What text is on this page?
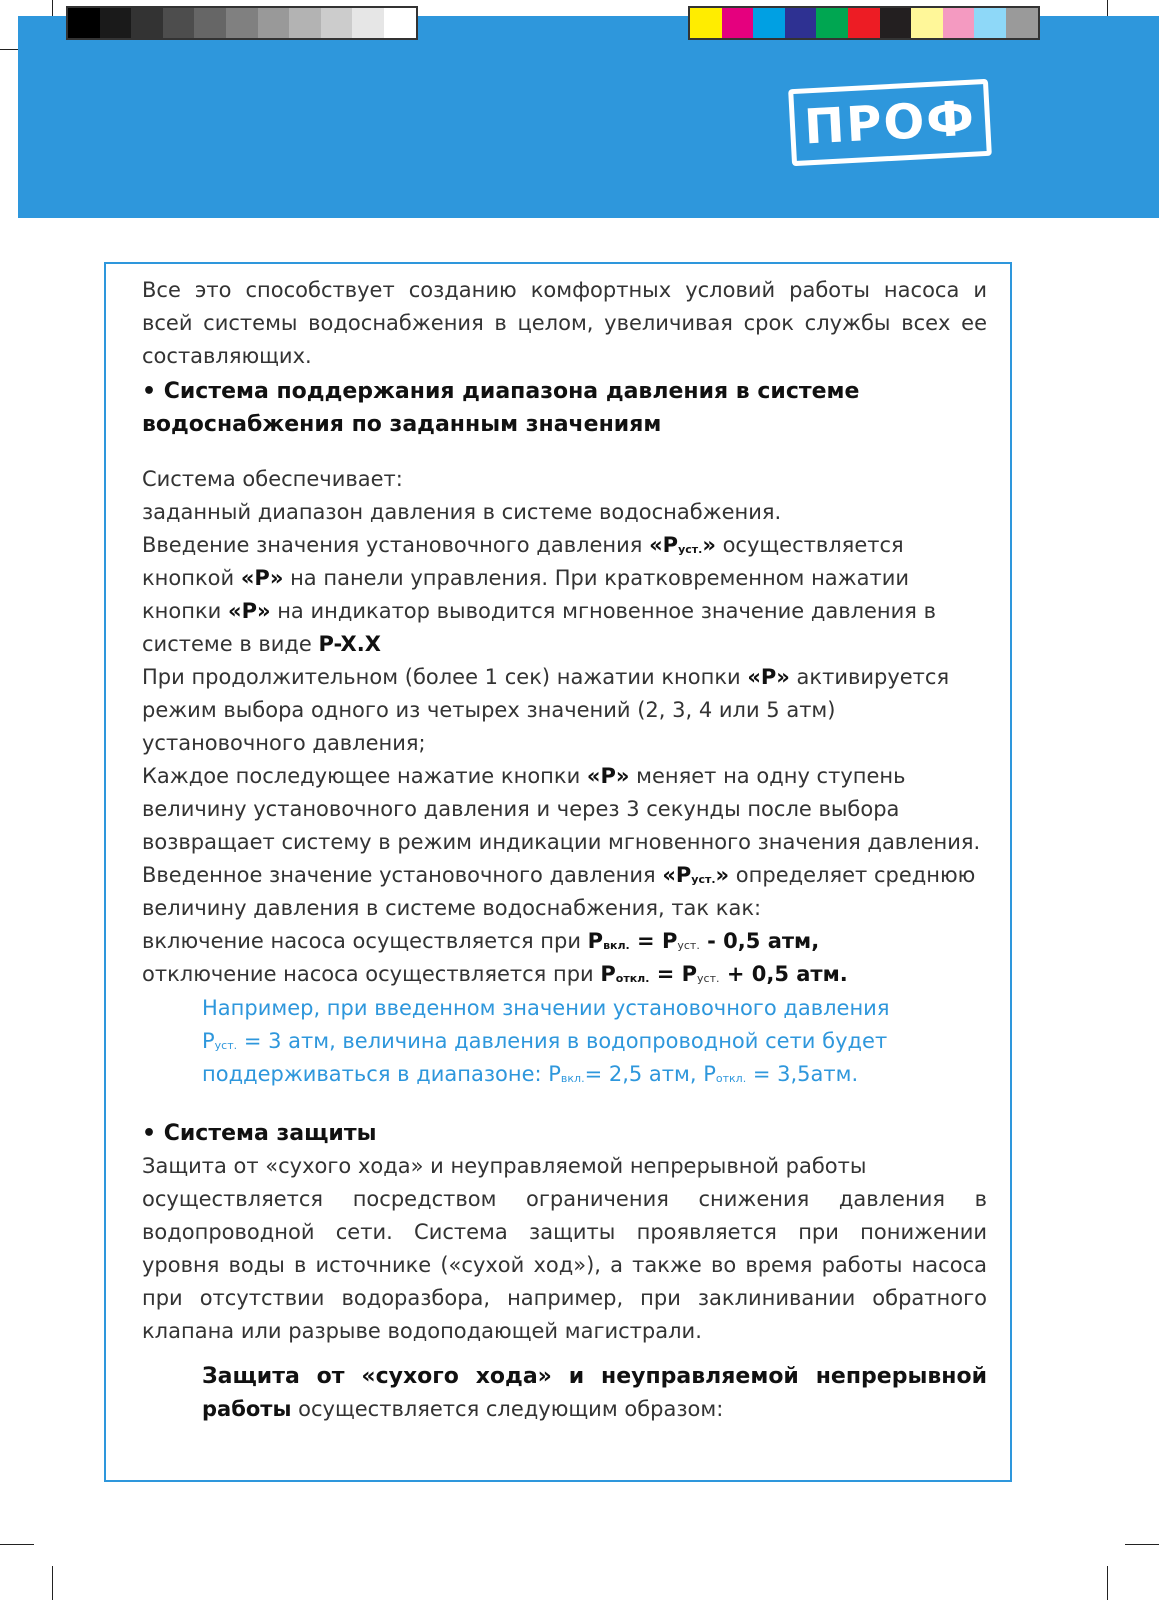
ПРОФ
Все это способствует созданию комфортных условий работы насоса и
всей системы водоснабжения в целом, увеличивая срок службы всех ее
составляющих.
• Система поддержания диапазона давления в системе
водоснабжения по заданным значениям
Система обеспечивает:
заданный диапазон давления в системе водоснабжения.
Введение значения установочного давления «$P_{уст.}$» осуществляется
кнопкой «P» на панели управления. При кратковременном нажатии
кнопки «P» на индикатор выводится мгновенное значение давления в
системе в виде P-X.X
При продолжительном (более 1 сек) нажатии кнопки «P» активируется
режим выбора одного из четырех значений (2, 3, 4 или 5 атм)
установочного давления;
Каждое последующее нажатие кнопки «P» меняет на одну ступень
величину установочного давления и через 3 секунды после выбора
возвращает систему в режим индикации мгновенного значения давления.
Введенное значение установочного давления «$P_{уст.}$» определяет среднюю
величину давления в системе водоснабжения, так как:
включение насоса осуществляется при $P_{вкл.} = P_{уст.} - 0,5$ атм,
отключение насоса осуществляется при $P_{откл.} = P_{уст.} + 0,5$ атм.
Например, при введенном значении установочного давления
$P_{уст.} = 3$ атм, величина давления в водопроводной сети будет
поддерживаться в диапазоне: $P_{вкл.}= 2,5$ атм, $P_{откл.} = 3,5атм$.
• Система защиты
Защита от «сухого хода» и неуправляемой непрерывной работы
осуществляется посредством ограничения снижения давления в
водопроводной сети. Система защиты проявляется при понижении
уровня воды в источнике («сухой ход»), а также во время работы насоса
при отсутствии водоразбора, например, при заклинивании обратного
клапана или разрыве водоподающей магистрали.
Защита от «сухого хода» и неуправляемой непрерывной
работы осуществляется следующим образом:
